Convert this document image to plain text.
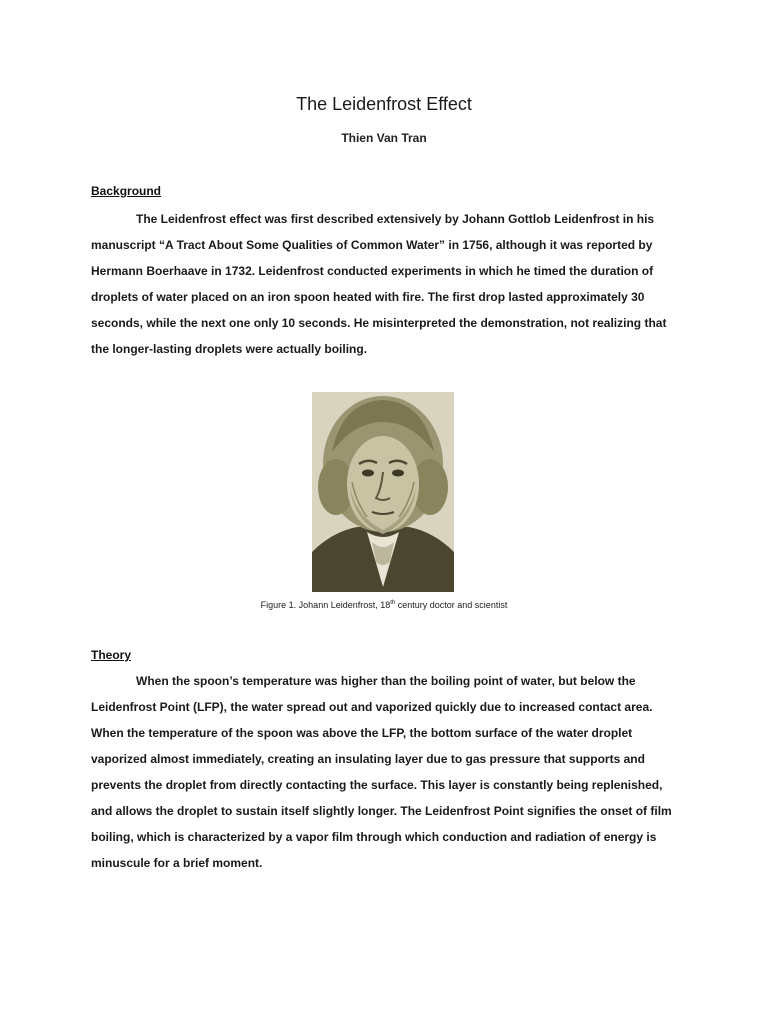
The Leidenfrost Effect
Thien Van Tran
Background

The Leidenfrost effect was first described extensively by Johann Gottlob Leidenfrost in his manuscript “A Tract About Some Qualities of Common Water” in 1756, although it was reported by Hermann Boerhaave in 1732. Leidenfrost conducted experiments in which he timed the duration of droplets of water placed on an iron spoon heated with fire. The first drop lasted approximately 30 seconds, while the next one only 10 seconds. He misinterpreted the demonstration, not realizing that the longer-lasting droplets were actually boiling.

Figure 1. Johann Leidenfrost, 18th century doctor and scientist
Theory

When the spoon’s temperature was higher than the boiling point of water, but below the Leidenfrost Point (LFP), the water spread out and vaporized quickly due to increased contact area. When the temperature of the spoon was above the LFP, the bottom surface of the water droplet vaporized almost immediately, creating an insulating layer due to gas pressure that supports and prevents the droplet from directly contacting the surface. This layer is constantly being replenished, and allows the droplet to sustain itself slightly longer. The Leidenfrost Point signifies the onset of film boiling, which is characterized by a vapor film through which conduction and radiation of energy is minuscule for a brief moment.
